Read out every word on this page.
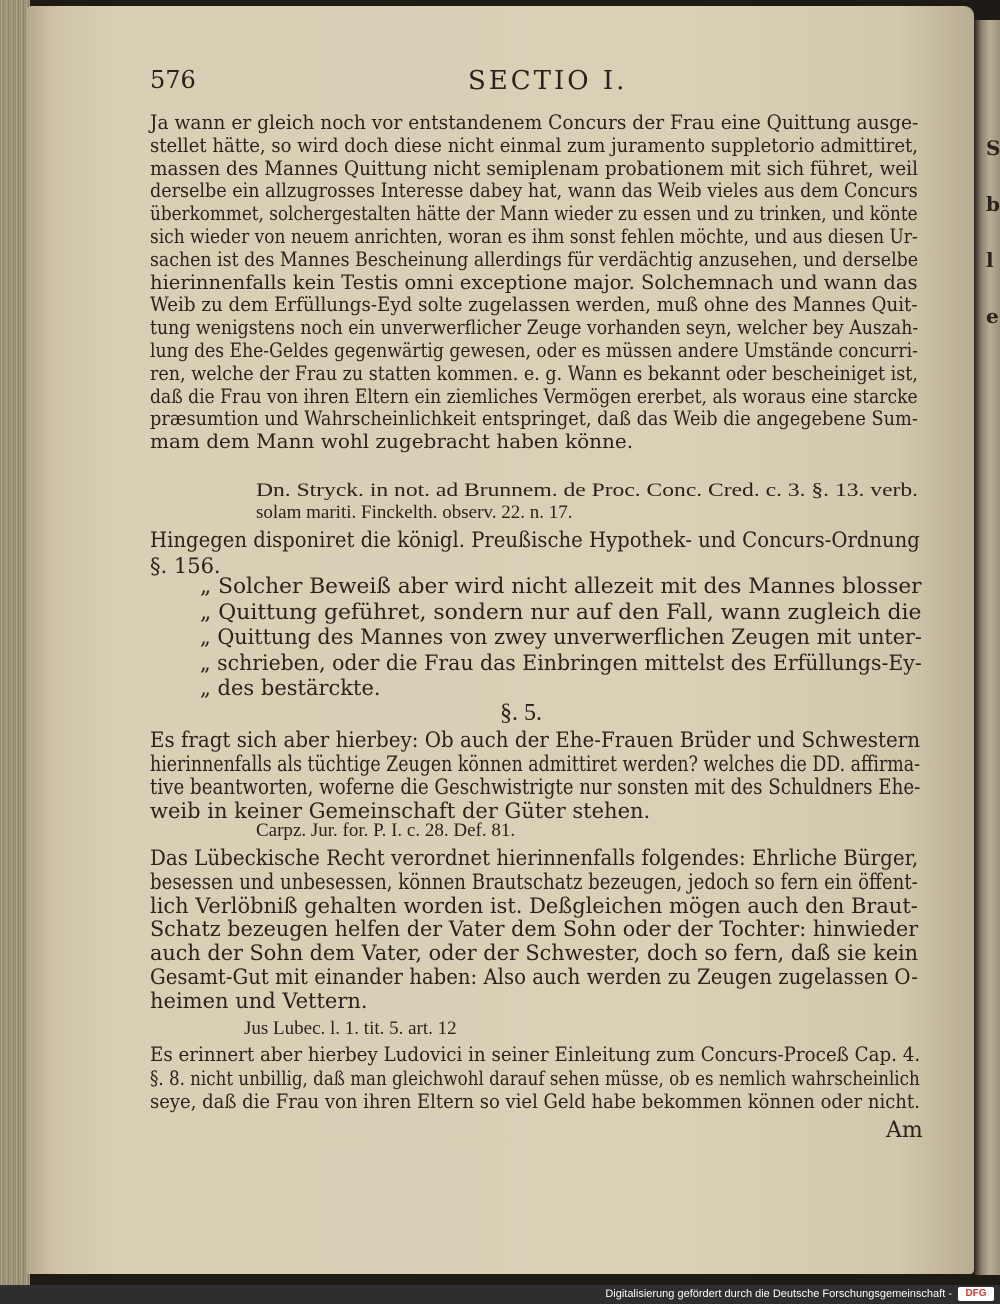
S
b
l
e
576	SECTIO I.
Ja wann er gleich noch vor entstandenem Concurs der Frau eine Quittung ausge-
stellet hätte, so wird doch diese nicht einmal zum juramento suppletorio admittiret,
massen des Mannes Quittung nicht semiplenam probationem mit sich führet, weil
derselbe ein allzugrosses Interesse dabey hat, wann das Weib vieles aus dem Concurs
überkommet, solchergestalten hätte der Mann wieder zu essen und zu trinken, und könte
sich wieder von neuem anrichten, woran es ihm sonst fehlen möchte, und aus diesen Ur-
sachen ist des Mannes Bescheinung allerdings für verdächtig anzusehen, und derselbe
hierinnenfalls kein Testis omni exceptione major. Solchemnach und wann das
Weib zu dem Erfüllungs-Eyd solte zugelassen werden, muß ohne des Mannes Quit-
tung wenigstens noch ein unverwerflicher Zeuge vorhanden seyn, welcher bey Auszah-
lung des Ehe-Geldes gegenwärtig gewesen, oder es müssen andere Umstände concurri-
ren, welche der Frau zu statten kommen. e. g. Wann es bekannt oder bescheiniget ist,
daß die Frau von ihren Eltern ein ziemliches Vermögen ererbet, als woraus eine starcke
præsumtion und Wahrscheinlichkeit entspringet, daß das Weib die angegebene Sum-
mam dem Mann wohl zugebracht haben könne.
Dn. Stryck. in not. ad Brunnem. de Proc. Conc. Cred. c. 3. §. 13. verb.
solam mariti. Finckelth. observ. 22. n. 17.
Hingegen disponiret die königl. Preußische Hypothek- und Concurs-Ordnung
§. 156.
„ Solcher Beweiß aber wird nicht allezeit mit des Mannes blosser
„ Quittung geführet, sondern nur auf den Fall, wann zugleich die
„ Quittung des Mannes von zwey unverwerflichen Zeugen mit unter-
„ schrieben, oder die Frau das Einbringen mittelst des Erfüllungs-Ey-
„ des bestärckte.
Es fragt sich aber hierbey: Ob auch der Ehe-Frauen Brüder und Schwestern
hierinnenfalls als tüchtige Zeugen können admittiret werden? welches die DD. affirma-
tive beantworten, woferne die Geschwistrigte nur sonsten mit des Schuldners Ehe-
weib in keiner Gemeinschaft der Güter stehen.
Das Lübeckische Recht verordnet hierinnenfalls folgendes: Ehrliche Bürger,
besessen und unbesessen, können Brautschatz bezeugen, jedoch so fern ein öffent-
lich Verlöbniß gehalten worden ist. Deßgleichen mögen auch den Braut-
Schatz bezeugen helfen der Vater dem Sohn oder der Tochter: hinwieder
auch der Sohn dem Vater, oder der Schwester, doch so fern, daß sie kein
Gesamt-Gut mit einander haben: Also auch werden zu Zeugen zugelassen O-
heimen und Vettern.
Es erinnert aber hierbey Ludovici in seiner Einleitung zum Concurs-Proceß Cap. 4.
§. 8. nicht unbillig, daß man gleichwohl darauf sehen müsse, ob es nemlich wahrscheinlich
seye, daß die Frau von ihren Eltern so viel Geld habe bekommen können oder nicht.
§. 5.
Carpz. Jur. for. P. I. c. 28. Def. 81.
Jus Lubec. l. 1. tit. 5. art. 12
Am
Digitalisierung gefördert durch die Deutsche Forschungsgemeinschaft -	DFG
